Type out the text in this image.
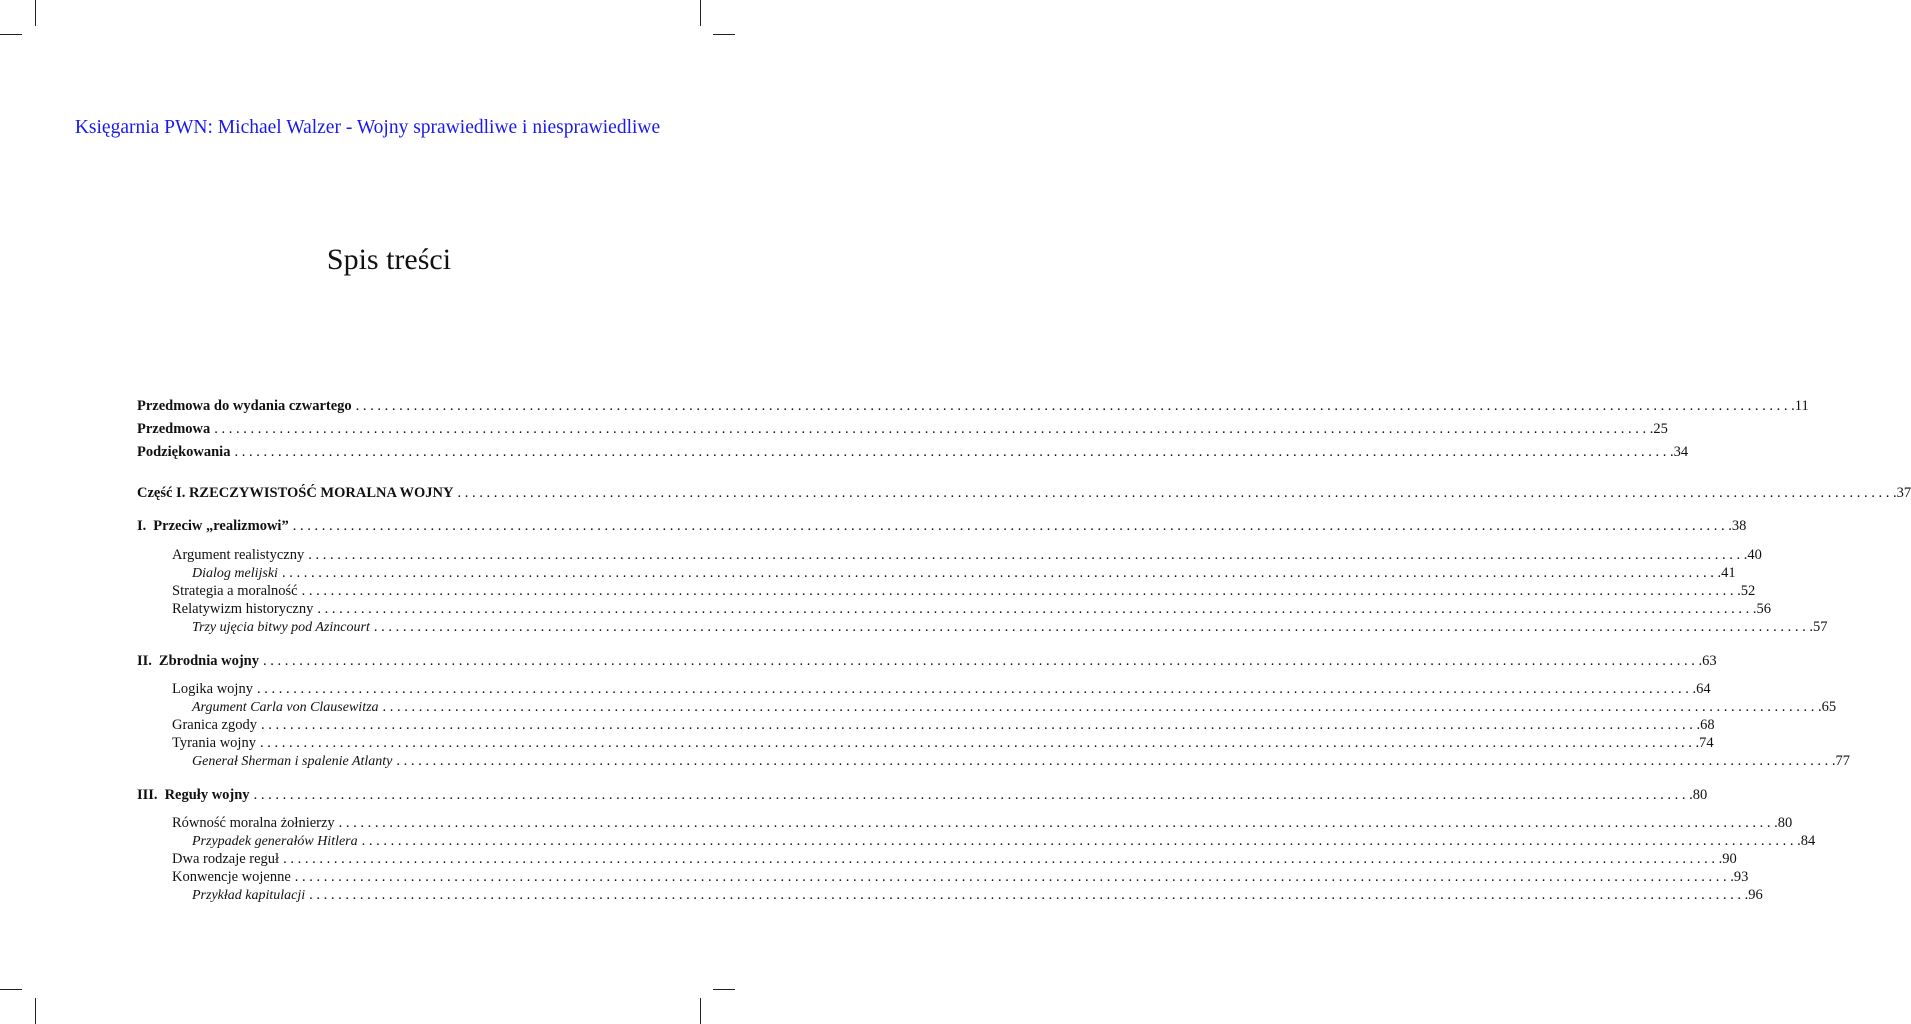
Księgarnia PWN: Michael Walzer - Wojny sprawiedliwe i niesprawiedliwe
Spis treści
Przedmowa do wydania czwartego . . . . . . . . . . . . . . . . . . . . . . . . . . . . . . . . . . . . . . . . . . . . . . . . . . . . . . . . . . . . . . . . . . . . . . . . . . . . . . . . . . . . . . . . . . . . . . . . . . . . . . . . . . . . . . . . . . . . . . . . . . . . . . . . . . . . . . . . . . . . . . . . . . . . . . . . . . . . . . . . . . . . . . . . . . . . . . . . . . . . . . . . . . . . . . . . . . . . . . . 11
Przedmowa . . . . . . . . . . . . . . . . . . . . . . . . . . . . . . . . . . . . . . . . . . . . . . . . . . . . . . . . . . . . . . . . . . . . . . . . . . . . . . . . . . . . . . . . . . . . . . . . . . . . . . . . . . . . . . . . . . . . . . . . . . . . . . . . . . . . . . . . . . . . . . . . . . . . . . . . . . . . . . . . . . . . . . . . . . . . . . . . . . . . . . . . . . . . . . . . . . . . . . . 25
Podziękowania . . . . . . . . . . . . . . . . . . . . . . . . . . . . . . . . . . . . . . . . . . . . . . . . . . . . . . . . . . . . . . . . . . . . . . . . . . . . . . . . . . . . . . . . . . . . . . . . . . . . . . . . . . . . . . . . . . . . . . . . . . . . . . . . . . . . . . . . . . . . . . . . . . . . . . . . . . . . . . . . . . . . . . . . . . . . . . . . . . . . . . . . . . . . . . . . . . . . . . . 34
Część I. RZECZYWISTOŚĆ MORALNA WOJNY . . . . . . . . . . . . . . . . . . . . . . . . . . . . . . . . . . . . . . . . . . . . . . . . . . . . . . . . . . . . . . . . . . . . . . . . . . . . . . . . . . . . . . . . . . . . . . . . . . . . . . . . . . . . . . . . . . . . . . . . . . . . . . . . . . . . . . . . . . . . . . . . . . . . . . . . . . . . . . . . . . . . . . . . . . . . . . . . . . . . . . . . . . . . . . . . . . . . . . . 37
I. Przeciw „realizmowi” . . . . . . . . . . . . . . . . . . . . . . . . . . . . . . . . . . . . . . . . . . . . . . . . . . . . . . . . . . . . . . . . . . . . . . . . . . . . . . . . . . . . . . . . . . . . . . . . . . . . . . . . . . . . . . . . . . . . . . . . . . . . . . . . . . . . . . . . . . . . . . . . . . . . . . . . . . . . . . . . . . . . . . . . . . . . . . . . . . . . . . . . . . . . . . . . . . . . . . . 38
Argument realistyczny . . . . . . . . . . . . . . . . . . . . . . . . . . . . . . . . . . . . . . . . . . . . . . . . . . . . . . . . . . . . . . . . . . . . . . . . . . . . . . . . . . . . . . . . . . . . . . . . . . . . . . . . . . . . . . . . . . . . . . . . . . . . . . . . . . . . . . . . . . . . . . . . . . . . . . . . . . . . . . . . . . . . . . . . . . . . . . . . . . . . . . . . . . . . . . . . . . . . . . . 40
Dialog melijski . . . . . . . . . . . . . . . . . . . . . . . . . . . . . . . . . . . . . . . . . . . . . . . . . . . . . . . . . . . . . . . . . . . . . . . . . . . . . . . . . . . . . . . . . . . . . . . . . . . . . . . . . . . . . . . . . . . . . . . . . . . . . . . . . . . . . . . . . . . . . . . . . . . . . . . . . . . . . . . . . . . . . . . . . . . . . . . . . . . . . . . . . . . . . . . . . . . . . . . 41
Strategia a moralność . . . . . . . . . . . . . . . . . . . . . . . . . . . . . . . . . . . . . . . . . . . . . . . . . . . . . . . . . . . . . . . . . . . . . . . . . . . . . . . . . . . . . . . . . . . . . . . . . . . . . . . . . . . . . . . . . . . . . . . . . . . . . . . . . . . . . . . . . . . . . . . . . . . . . . . . . . . . . . . . . . . . . . . . . . . . . . . . . . . . . . . . . . . . . . . . . . . . . . . 52
Relatywizm historyczny . . . . . . . . . . . . . . . . . . . . . . . . . . . . . . . . . . . . . . . . . . . . . . . . . . . . . . . . . . . . . . . . . . . . . . . . . . . . . . . . . . . . . . . . . . . . . . . . . . . . . . . . . . . . . . . . . . . . . . . . . . . . . . . . . . . . . . . . . . . . . . . . . . . . . . . . . . . . . . . . . . . . . . . . . . . . . . . . . . . . . . . . . . . . . . . . . . . . . . . 56
Trzy ujęcia bitwy pod Azincourt . . . . . . . . . . . . . . . . . . . . . . . . . . . . . . . . . . . . . . . . . . . . . . . . . . . . . . . . . . . . . . . . . . . . . . . . . . . . . . . . . . . . . . . . . . . . . . . . . . . . . . . . . . . . . . . . . . . . . . . . . . . . . . . . . . . . . . . . . . . . . . . . . . . . . . . . . . . . . . . . . . . . . . . . . . . . . . . . . . . . . . . . . . . . . . . . . . . . . . . 57
II. Zbrodnia wojny . . . . . . . . . . . . . . . . . . . . . . . . . . . . . . . . . . . . . . . . . . . . . . . . . . . . . . . . . . . . . . . . . . . . . . . . . . . . . . . . . . . . . . . . . . . . . . . . . . . . . . . . . . . . . . . . . . . . . . . . . . . . . . . . . . . . . . . . . . . . . . . . . . . . . . . . . . . . . . . . . . . . . . . . . . . . . . . . . . . . . . . . . . . . . . . . . . . . . . . 63
Logika wojny . . . . . . . . . . . . . . . . . . . . . . . . . . . . . . . . . . . . . . . . . . . . . . . . . . . . . . . . . . . . . . . . . . . . . . . . . . . . . . . . . . . . . . . . . . . . . . . . . . . . . . . . . . . . . . . . . . . . . . . . . . . . . . . . . . . . . . . . . . . . . . . . . . . . . . . . . . . . . . . . . . . . . . . . . . . . . . . . . . . . . . . . . . . . . . . . . . . . . . . 64
Argument Carla von Clausewitza . . . . . . . . . . . . . . . . . . . . . . . . . . . . . . . . . . . . . . . . . . . . . . . . . . . . . . . . . . . . . . . . . . . . . . . . . . . . . . . . . . . . . . . . . . . . . . . . . . . . . . . . . . . . . . . . . . . . . . . . . . . . . . . . . . . . . . . . . . . . . . . . . . . . . . . . . . . . . . . . . . . . . . . . . . . . . . . . . . . . . . . . . . . . . . . . . . . . . . . 65
Granica zgody . . . . . . . . . . . . . . . . . . . . . . . . . . . . . . . . . . . . . . . . . . . . . . . . . . . . . . . . . . . . . . . . . . . . . . . . . . . . . . . . . . . . . . . . . . . . . . . . . . . . . . . . . . . . . . . . . . . . . . . . . . . . . . . . . . . . . . . . . . . . . . . . . . . . . . . . . . . . . . . . . . . . . . . . . . . . . . . . . . . . . . . . . . . . . . . . . . . . . . . 68
Tyrania wojny . . . . . . . . . . . . . . . . . . . . . . . . . . . . . . . . . . . . . . . . . . . . . . . . . . . . . . . . . . . . . . . . . . . . . . . . . . . . . . . . . . . . . . . . . . . . . . . . . . . . . . . . . . . . . . . . . . . . . . . . . . . . . . . . . . . . . . . . . . . . . . . . . . . . . . . . . . . . . . . . . . . . . . . . . . . . . . . . . . . . . . . . . . . . . . . . . . . . . . . 74
Generał Sherman i spalenie Atlanty . . . . . . . . . . . . . . . . . . . . . . . . . . . . . . . . . . . . . . . . . . . . . . . . . . . . . . . . . . . . . . . . . . . . . . . . . . . . . . . . . . . . . . . . . . . . . . . . . . . . . . . . . . . . . . . . . . . . . . . . . . . . . . . . . . . . . . . . . . . . . . . . . . . . . . . . . . . . . . . . . . . . . . . . . . . . . . . . . . . . . . . . . . . . . . . . . . . . . . . 77
III. Reguły wojny . . . . . . . . . . . . . . . . . . . . . . . . . . . . . . . . . . . . . . . . . . . . . . . . . . . . . . . . . . . . . . . . . . . . . . . . . . . . . . . . . . . . . . . . . . . . . . . . . . . . . . . . . . . . . . . . . . . . . . . . . . . . . . . . . . . . . . . . . . . . . . . . . . . . . . . . . . . . . . . . . . . . . . . . . . . . . . . . . . . . . . . . . . . . . . . . . . . . . . . 80
Równość moralna żołnierzy . . . . . . . . . . . . . . . . . . . . . . . . . . . . . . . . . . . . . . . . . . . . . . . . . . . . . . . . . . . . . . . . . . . . . . . . . . . . . . . . . . . . . . . . . . . . . . . . . . . . . . . . . . . . . . . . . . . . . . . . . . . . . . . . . . . . . . . . . . . . . . . . . . . . . . . . . . . . . . . . . . . . . . . . . . . . . . . . . . . . . . . . . . . . . . . . . . . . . . . 80
Przypadek generałów Hitlera . . . . . . . . . . . . . . . . . . . . . . . . . . . . . . . . . . . . . . . . . . . . . . . . . . . . . . . . . . . . . . . . . . . . . . . . . . . . . . . . . . . . . . . . . . . . . . . . . . . . . . . . . . . . . . . . . . . . . . . . . . . . . . . . . . . . . . . . . . . . . . . . . . . . . . . . . . . . . . . . . . . . . . . . . . . . . . . . . . . . . . . . . . . . . . . . . . . . . . . 84
Dwa rodzaje reguł . . . . . . . . . . . . . . . . . . . . . . . . . . . . . . . . . . . . . . . . . . . . . . . . . . . . . . . . . . . . . . . . . . . . . . . . . . . . . . . . . . . . . . . . . . . . . . . . . . . . . . . . . . . . . . . . . . . . . . . . . . . . . . . . . . . . . . . . . . . . . . . . . . . . . . . . . . . . . . . . . . . . . . . . . . . . . . . . . . . . . . . . . . . . . . . . . . . . . . . 90
Konwencje wojenne . . . . . . . . . . . . . . . . . . . . . . . . . . . . . . . . . . . . . . . . . . . . . . . . . . . . . . . . . . . . . . . . . . . . . . . . . . . . . . . . . . . . . . . . . . . . . . . . . . . . . . . . . . . . . . . . . . . . . . . . . . . . . . . . . . . . . . . . . . . . . . . . . . . . . . . . . . . . . . . . . . . . . . . . . . . . . . . . . . . . . . . . . . . . . . . . . . . . . . . 93
Przykład kapitulacji . . . . . . . . . . . . . . . . . . . . . . . . . . . . . . . . . . . . . . . . . . . . . . . . . . . . . . . . . . . . . . . . . . . . . . . . . . . . . . . . . . . . . . . . . . . . . . . . . . . . . . . . . . . . . . . . . . . . . . . . . . . . . . . . . . . . . . . . . . . . . . . . . . . . . . . . . . . . . . . . . . . . . . . . . . . . . . . . . . . . . . . . . . . . . . . . . . . . . . . 96
